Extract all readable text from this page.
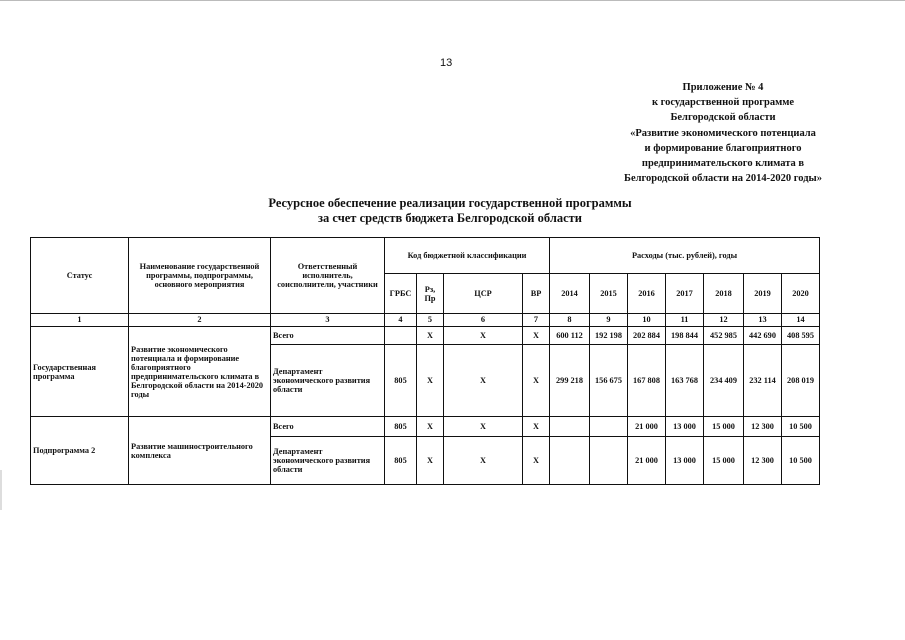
13
Приложение № 4
к государственной программе
Белгородской области
«Развитие экономического потенциала
и формирование благоприятного
предпринимательского климата в
Белгородской области на 2014-2020 годы»
Ресурсное обеспечение реализации государственной программы
за счет средств бюджета Белгородской области
Статус	Наименование государственной программы, подпрограммы, основного мероприятия	Ответственный исполнитель, соисполнители, участники	Код бюджетной классификации				Расходы (тыс. рублей), годы						
			ГРБС	Рз, Пр	ЦСР	ВР	2014	2015	2016	2017	2018	2019	2020
1	2	3	4	5	6	7	8	9	10	11	12	13	14
Государственная программа	Развитие экономического потенциала и формирование благоприятного предпринимательского климата в Белгородской области на 2014-2020 годы	Всего		Х	Х	Х	600 112	192 198	202 884	198 844	452 985	442 690	408 595
		Департамент экономического развития области	805	Х	Х	Х	299 218	156 675	167 808	163 768	234 409	232 114	208 019
Подпрограмма 2	Развитие машиностроительного комплекса	Всего	805	Х	Х	Х			21 000	13 000	15 000	12 300	10 500
		Департамент экономического развития области	805	Х	Х	Х			21 000	13 000	15 000	12 300	10 500
